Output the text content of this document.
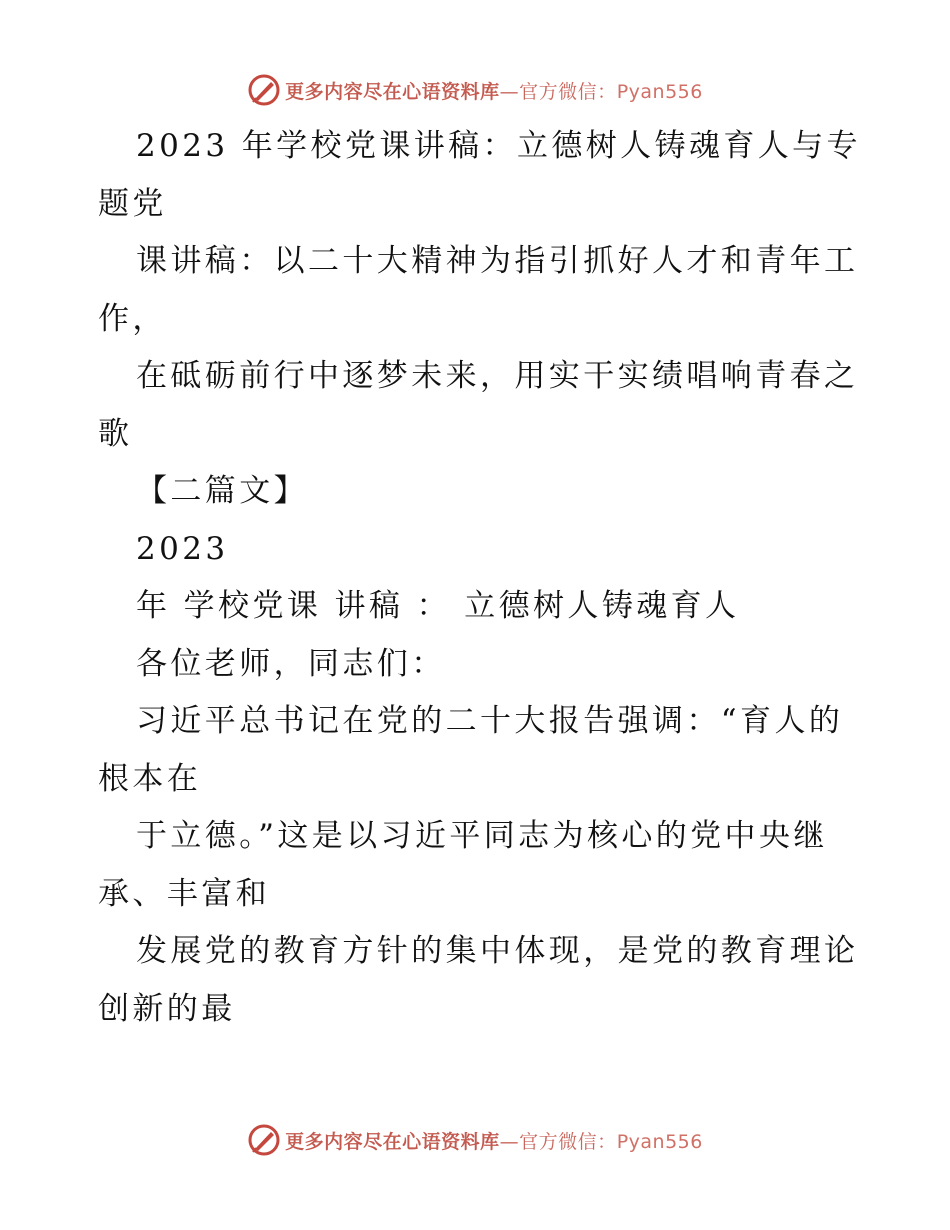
更多内容尽在心语资料库—官方微信：Pyan556
2023 年学校党课讲稿：立德树人铸魂育人与专
题党
课讲稿：以二十大精神为指引抓好人才和青年工
作，
在砥砺前行中逐梦未来，用实干实绩唱响青春之
歌
【二篇文】
2023
年 学校党课 讲稿 ： 立德树人铸魂育人
各位老师，同志们：
习近平总书记在党的二十大报告强调：“育人的
根本在
于立德。”这是以习近平同志为核心的党中央继
承、丰富和
发展党的教育方针的集中体现，是党的教育理论
创新的最
更多内容尽在心语资料库—官方微信：Pyan556
